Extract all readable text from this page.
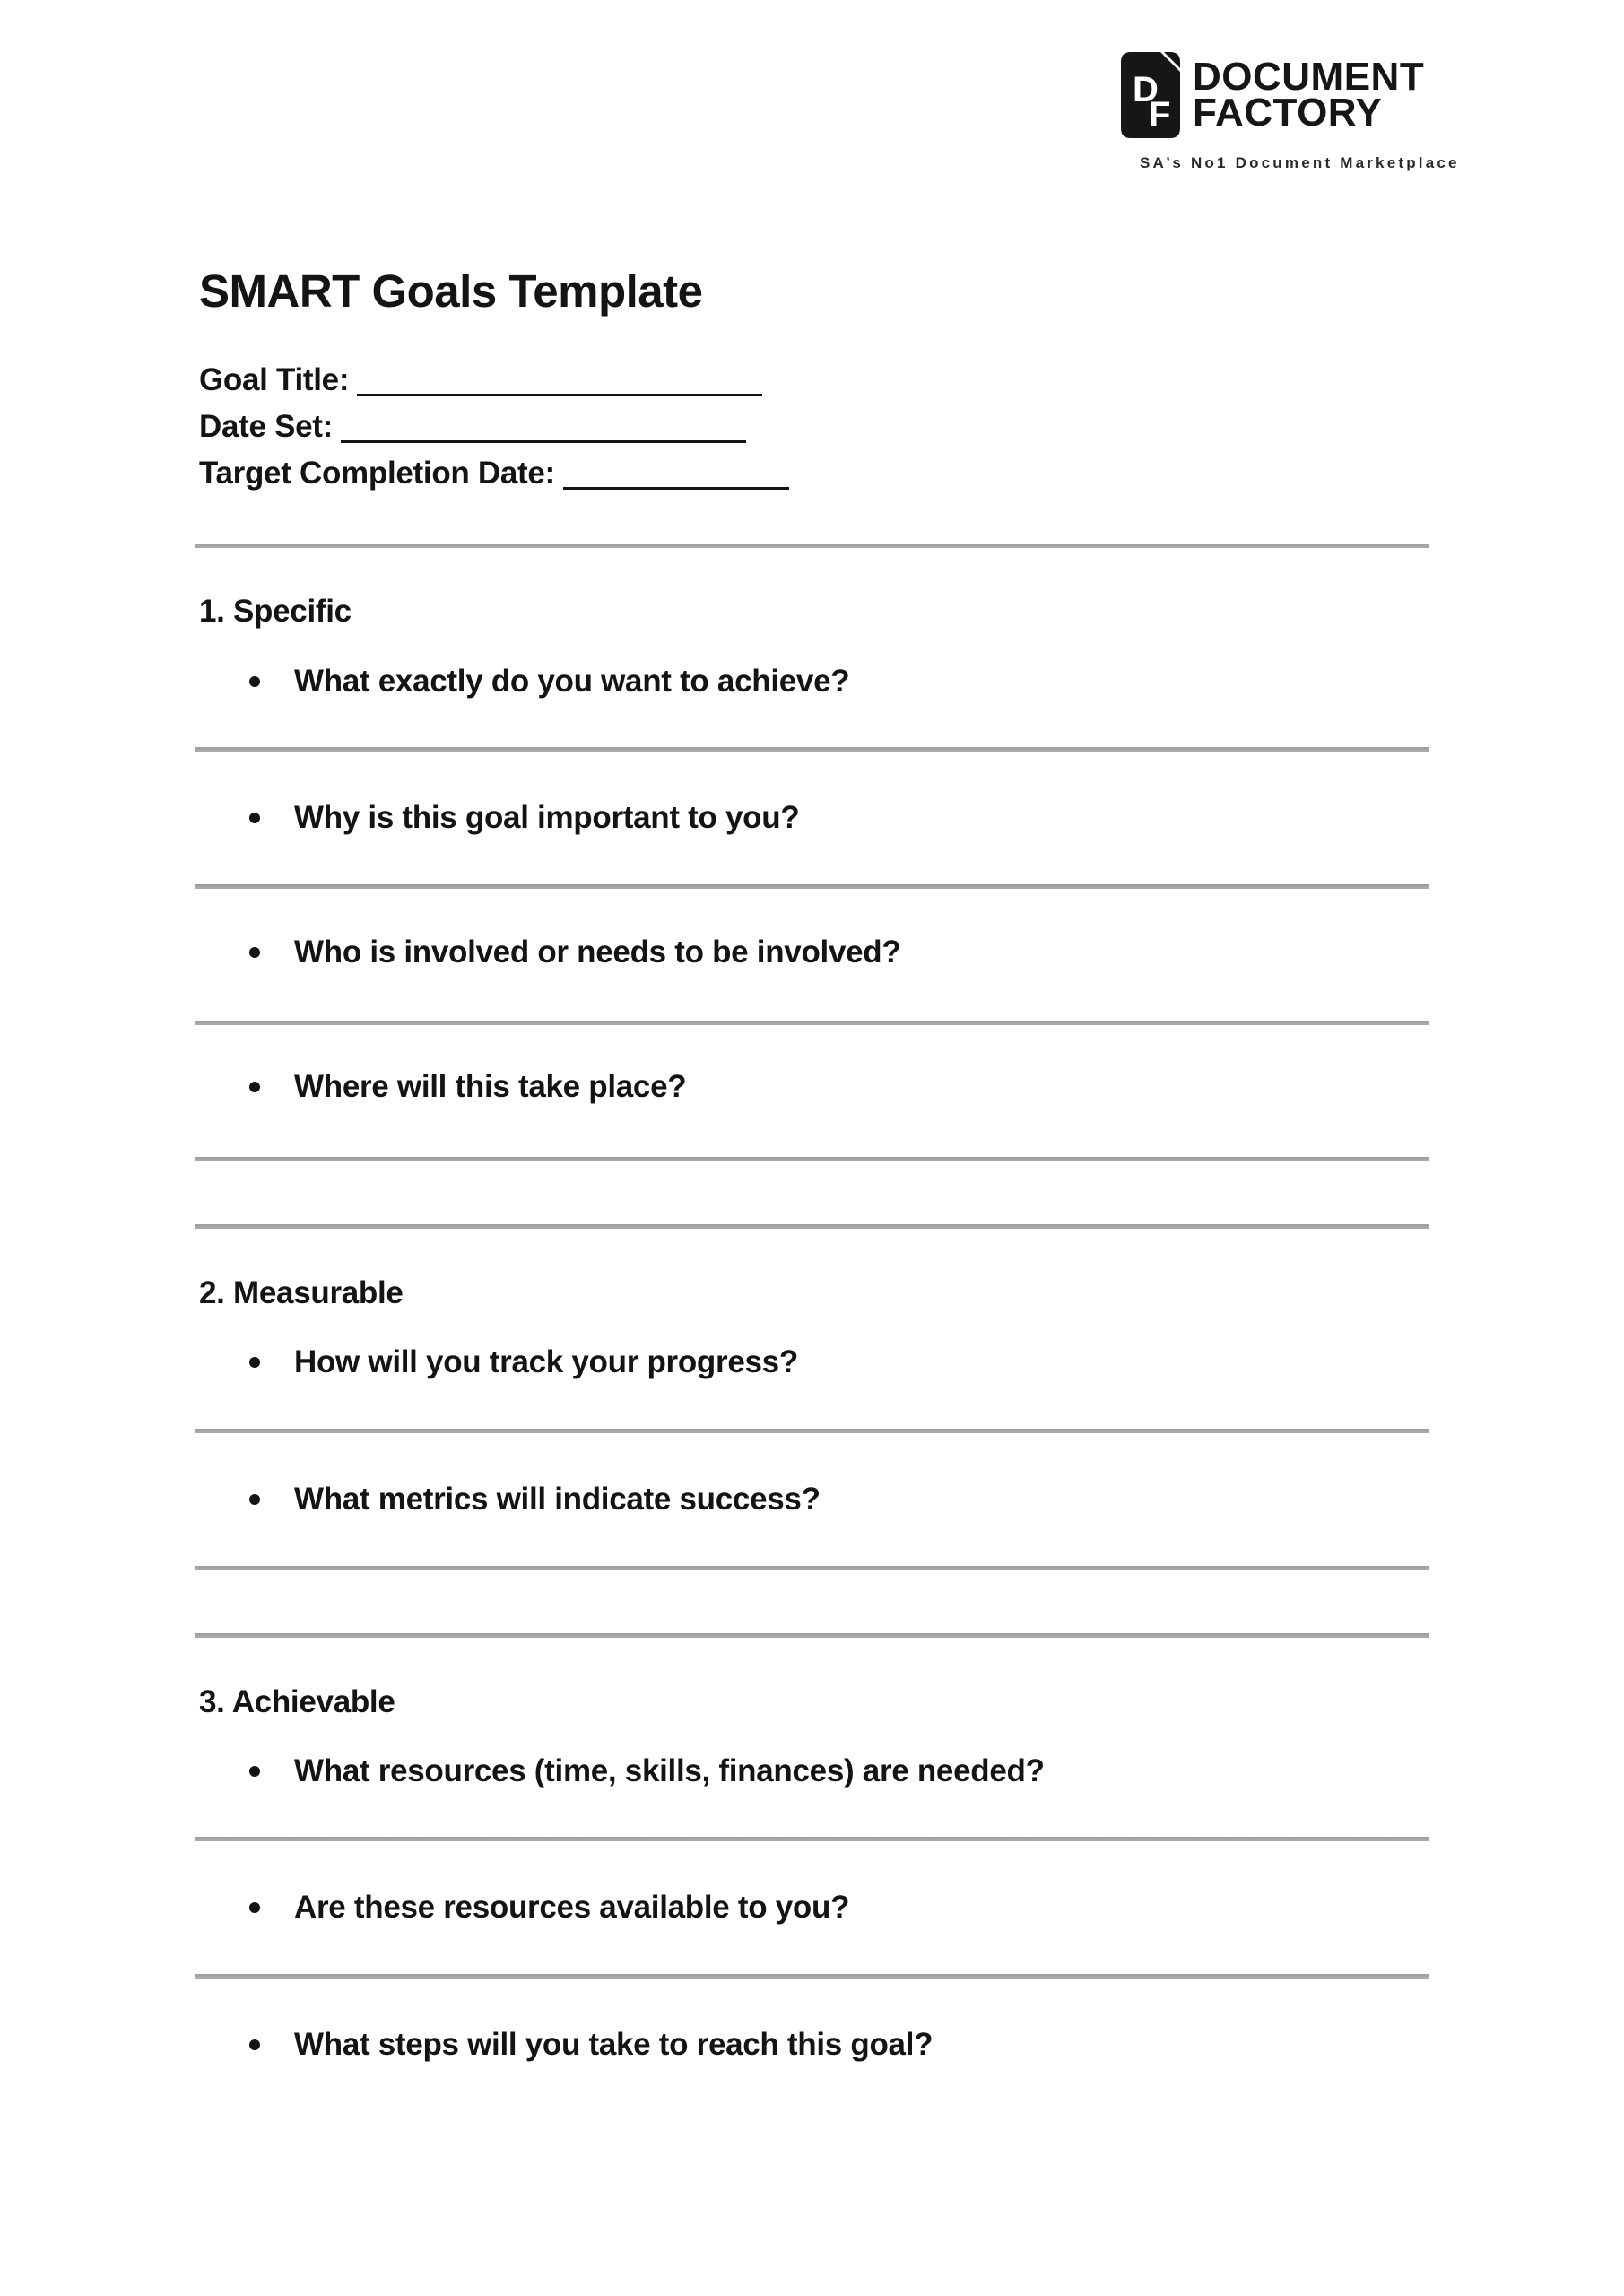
D
F
DOCUMENT
FACTORY
SA’s No1 Document Marketplace
SMART Goals Template
Goal Title:
Date Set:
Target Completion Date:
1. Specific
What exactly do you want to achieve?
Why is this goal important to you?
Who is involved or needs to be involved?
Where will this take place?
2. Measurable
How will you track your progress?
What metrics will indicate success?
3. Achievable
What resources (time, skills, finances) are needed?
Are these resources available to you?
What steps will you take to reach this goal?
